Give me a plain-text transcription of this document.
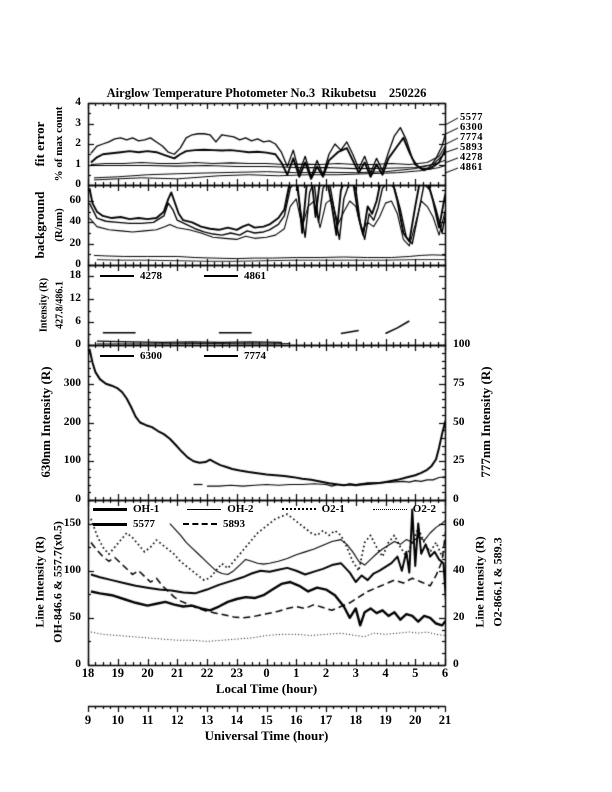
Airglow Temperature Photometer No.3  Rikubetsu    250226
fit error % of max count
background (R/nm)
Intensity (R) 427.8/486.1
630nm Intensity (R)	777nm Intensity (R)
Line Intensity (R) OH-846.6 & 557.7(x0.5)	Line Intensity (R) O2-866.1 & 589.3
Local Time (hour)
Universal Time (hour)
0
1
2
3
4
5577
6300
7774
5893
4278
4861
0
20
40
60
0
6
12
18
0
100
200
300
0
25
50
75
100
0
50
100
150
0
20
40
60
18	19	20	21	22	23	0	1	2	3	4	5	6
9	10	11	12	13	14	15	16	17	18	19	20	21
4278	4861
6300	7774
OH-1	OH-2	O2-1	O2-2
5577	5893
